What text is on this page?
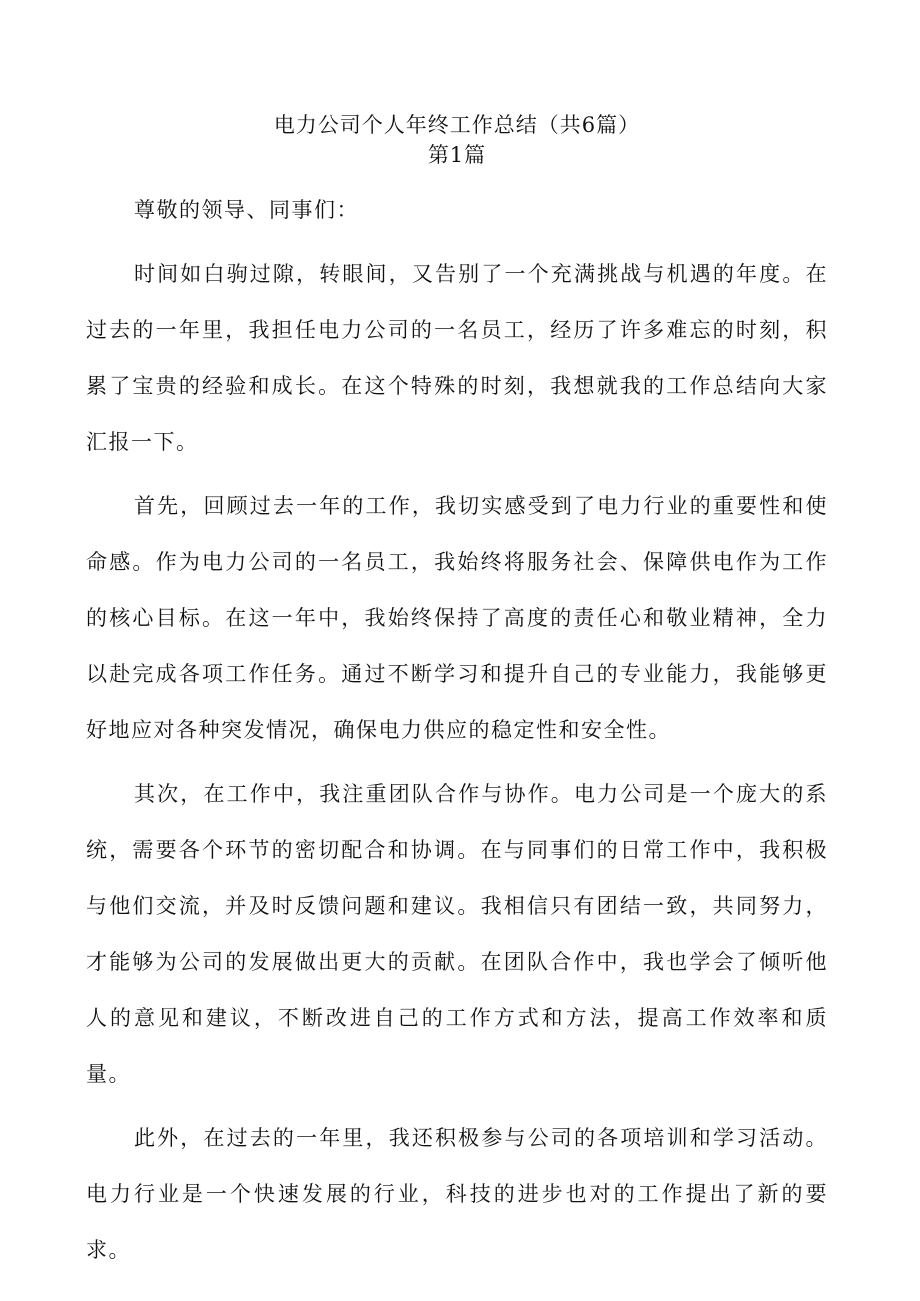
电力公司个人年终工作总结（共6篇）
第1篇

尊敬的领导、同事们：

时间如白驹过隙，转眼间，又告别了一个充满挑战与机遇的年度。在过去的一年里，我担任电力公司的一名员工，经历了许多难忘的时刻，积累了宝贵的经验和成长。在这个特殊的时刻，我想就我的工作总结向大家汇报一下。

首先，回顾过去一年的工作，我切实感受到了电力行业的重要性和使命感。作为电力公司的一名员工，我始终将服务社会、保障供电作为工作的核心目标。在这一年中，我始终保持了高度的责任心和敬业精神，全力以赴完成各项工作任务。通过不断学习和提升自己的专业能力，我能够更好地应对各种突发情况，确保电力供应的稳定性和安全性。

其次，在工作中，我注重团队合作与协作。电力公司是一个庞大的系统，需要各个环节的密切配合和协调。在与同事们的日常工作中，我积极与他们交流，并及时反馈问题和建议。我相信只有团结一致，共同努力，才能够为公司的发展做出更大的贡献。在团队合作中，我也学会了倾听他人的意见和建议，不断改进自己的工作方式和方法，提高工作效率和质量。

此外，在过去的一年里，我还积极参与公司的各项培训和学习活动。电力行业是一个快速发展的行业，科技的进步也对的工作提出了新的要求。
